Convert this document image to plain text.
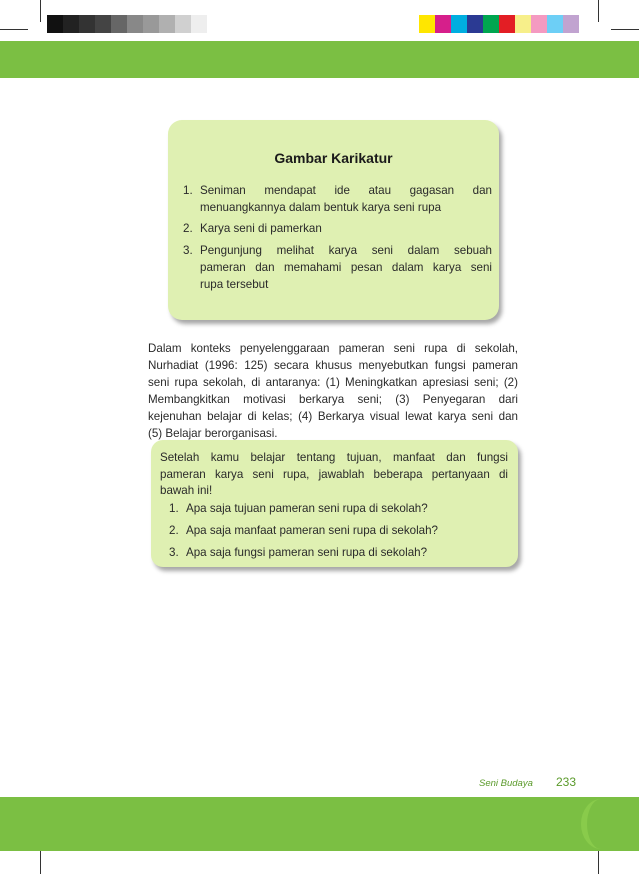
Gambar Karikatur
1. Seniman mendapat ide atau gagasan dan
menuangkannya dalam bentuk karya seni rupa
2. Karya seni di pamerkan
3. Pengunjung melihat karya seni dalam sebuah
pameran dan memahami pesan dalam karya seni
rupa tersebut
Dalam konteks penyelenggaraan pameran seni rupa di sekolah,
Nurhadiat (1996: 125) secara khusus menyebutkan fungsi pameran
seni rupa sekolah, di antaranya: (1) Meningkatkan apresiasi seni; (2)
Membangkitkan motivasi berkarya seni; (3) Penyegaran dari
kejenuhan belajar di kelas; (4) Berkarya visual lewat karya seni dan
(5) Belajar berorganisasi.
Setelah kamu belajar tentang tujuan, manfaat dan fungsi
pameran karya seni rupa, jawablah beberapa pertanyaan di
bawah ini!
1. Apa saja tujuan pameran seni rupa di sekolah?
2. Apa saja manfaat pameran seni rupa di sekolah?
3. Apa saja fungsi pameran seni rupa di sekolah?
Seni Budaya 233
